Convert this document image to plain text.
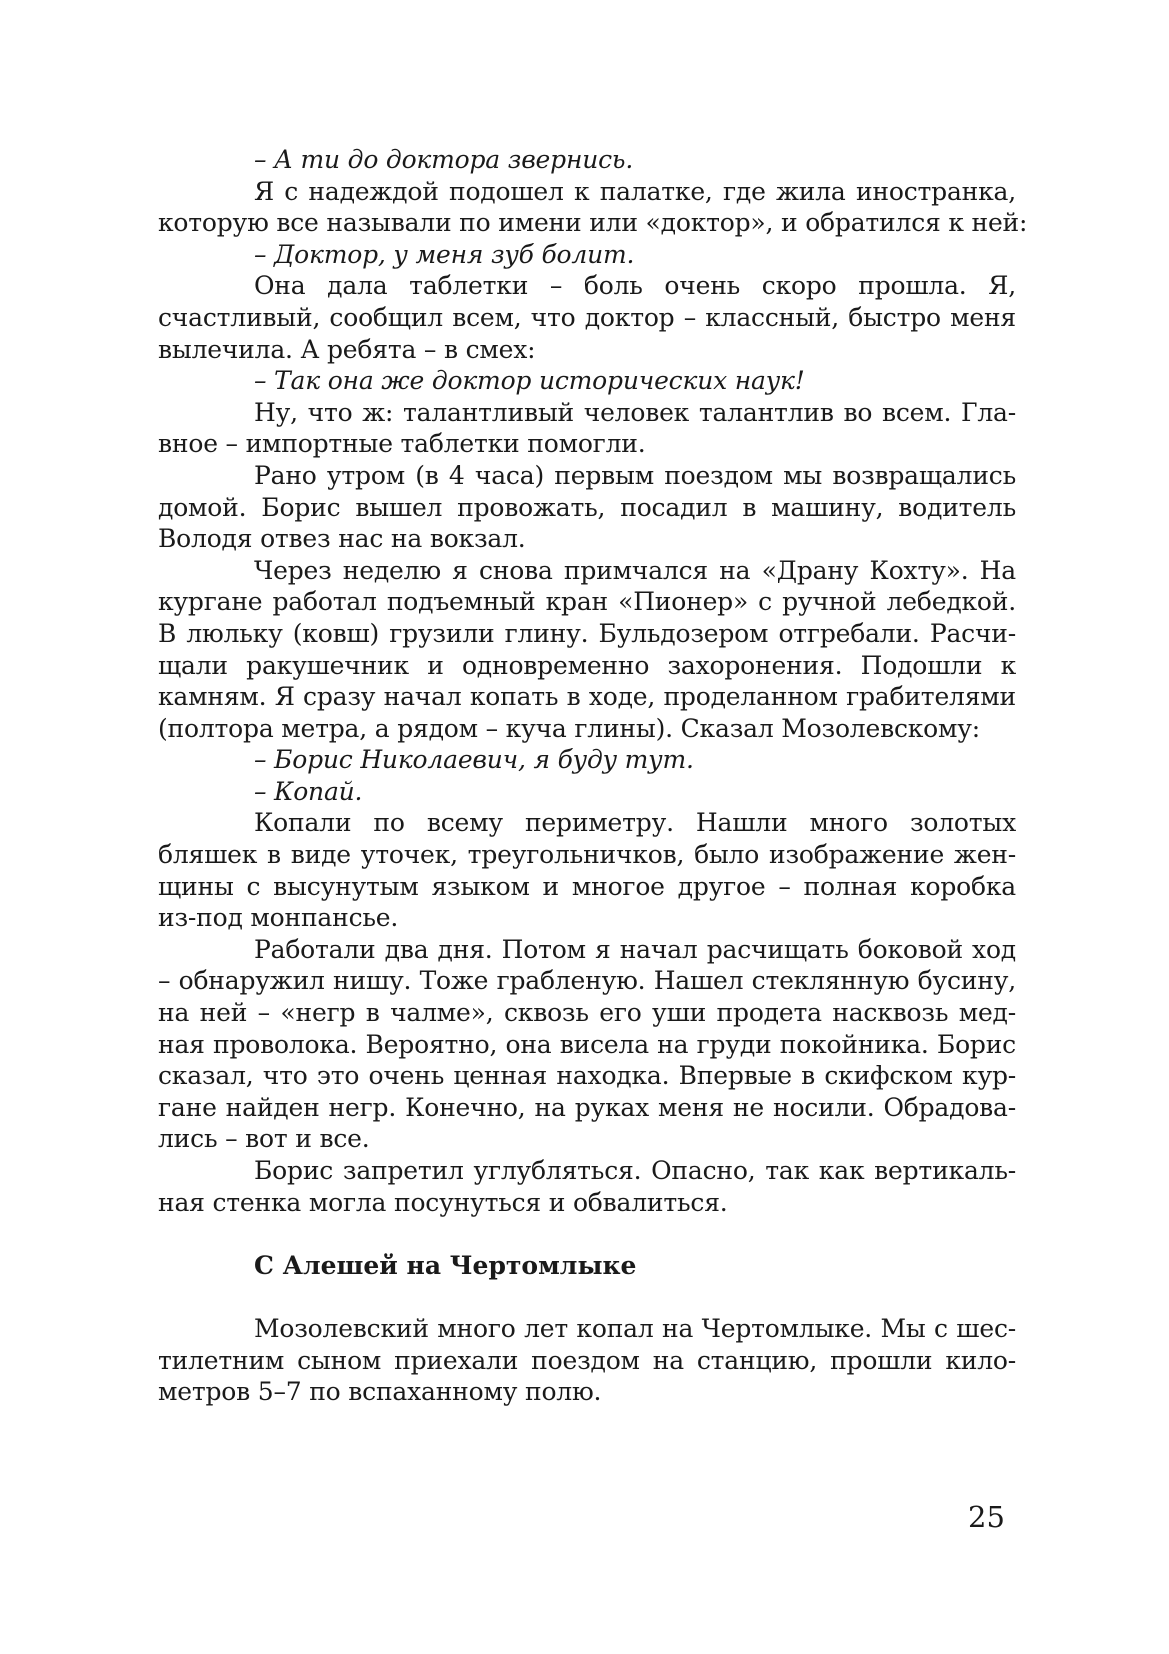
– А ти до доктора звернись.
Я с надеждой подошел к палатке, где жила иностранка,
которую все называли по имени или «доктор», и обратился к ней:
– Доктор, у меня зуб болит.
Она дала таблетки – боль очень скоро прошла. Я,
счастливый, сообщил всем, что доктор – классный, быстро меня
вылечила. А ребята – в смех:
– Так она же доктор исторических наук!
Ну, что ж: талантливый человек талантлив во всем. Гла-
вное – импортные таблетки помогли.
Рано утром (в 4 часа) первым поездом мы возвращались
домой. Борис вышел провожать, посадил в машину, водитель
Володя отвез нас на вокзал.
Через неделю я снова примчался на «Драну Кохту». На
кургане работал подъемный кран «Пионер» с ручной лебедкой.
В люльку (ковш) грузили глину. Бульдозером отгребали. Расчи-
щали ракушечник и одновременно захоронения. Подошли к
камням. Я сразу начал копать в ходе, проделанном грабителями
(полтора метра, а рядом – куча глины). Сказал Мозолевскому:
– Борис Николаевич, я буду тут.
– Копай.
Копали по всему периметру. Нашли много золотых
бляшек в виде уточек, треугольничков, было изображение жен-
щины с высунутым языком и многое другое – полная коробка
из-под монпансье.
Работали два дня. Потом я начал расчищать боковой ход
– обнаружил нишу. Тоже грабленую. Нашел стеклянную бусину,
на ней – «негр в чалме», сквозь его уши продета насквозь мед-
ная проволока. Вероятно, она висела на груди покойника. Борис
сказал, что это очень ценная находка. Впервые в скифском кур-
гане найден негр. Конечно, на руках меня не носили. Обрадова-
лись – вот и все.
Борис запретил углубляться. Опасно, так как вертикаль-
ная стенка могла посунуться и обвалиться.
С Алешей на Чертомлыке
Мозолевский много лет копал на Чертомлыке. Мы с шес-
тилетним сыном приехали поездом на станцию, прошли кило-
метров 5–7 по вспаханному полю.
25
